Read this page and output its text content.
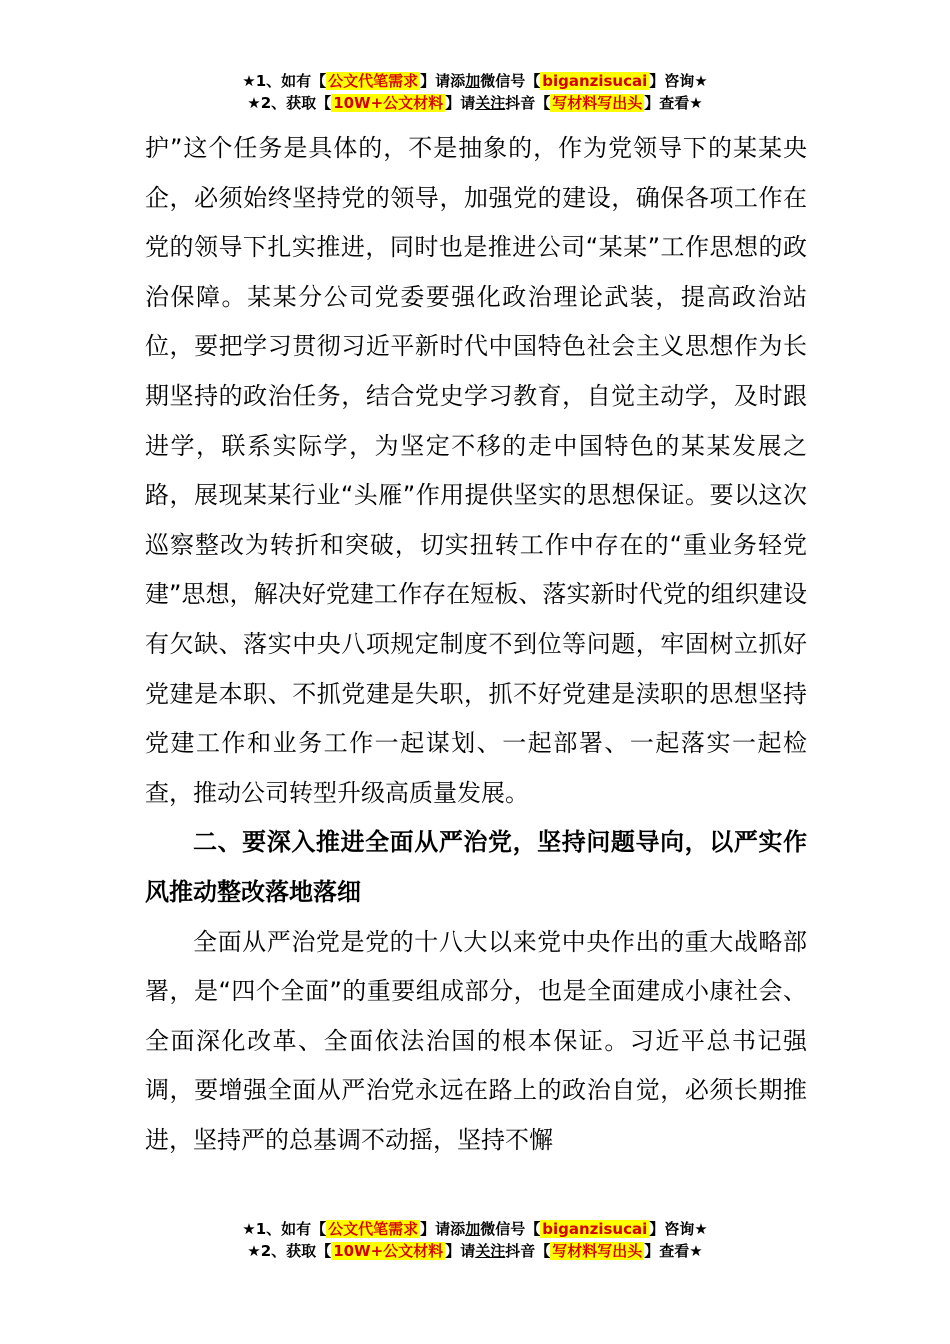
★1、如有【 公文代笔需求 】请添加微信号【 biganzisucai 】咨询★
★2、获取【 10W+公文材料 】请关注抖音【 写材料写出头 】查看★

护”这个任务是具体的，不是抽象的，作为党领导下的某某央企，必须始终坚持党的领导，加强党的建设，确保各项工作在党的领导下扎实推进，同时也是推进公司“某某”工作思想的政治保障。某某分公司党委要强化政治理论武装，提高政治站位，要把学习贯彻习近平新时代中国特色社会主义思想作为长期坚持的政治任务，结合党史学习教育，自觉主动学，及时跟进学，联系实际学，为坚定不移的走中国特色的某某发展之路，展现某某行业“头雁”作用提供坚实的思想保证。要以这次巡察整改为转折和突破，切实扭转工作中存在的“重业务轻党建”思想，解决好党建工作存在短板、落实新时代党的组织建设有欠缺、落实中央八项规定制度不到位等问题，牢固树立抓好党建是本职、不抓党建是失职，抓不好党建是渎职的思想坚持党建工作和业务工作一起谋划、一起部署、一起落实一起检查，推动公司转型升级高质量发展。

二、要深入推进全面从严治党，坚持问题导向，以严实作风推动整改落地落细

全面从严治党是党的十八大以来党中央作出的重大战略部署，是“四个全面”的重要组成部分，也是全面建成小康社会、全面深化改革、全面依法治国的根本保证。习近平总书记强调，要增强全面从严治党永远在路上的政治自觉，必须长期推进，坚持严的总基调不动摇，坚持不懈

★1、如有【 公文代笔需求 】请添加微信号【 biganzisucai 】咨询★
★2、获取【 10W+公文材料 】请关注抖音【 写材料写出头 】查看★
